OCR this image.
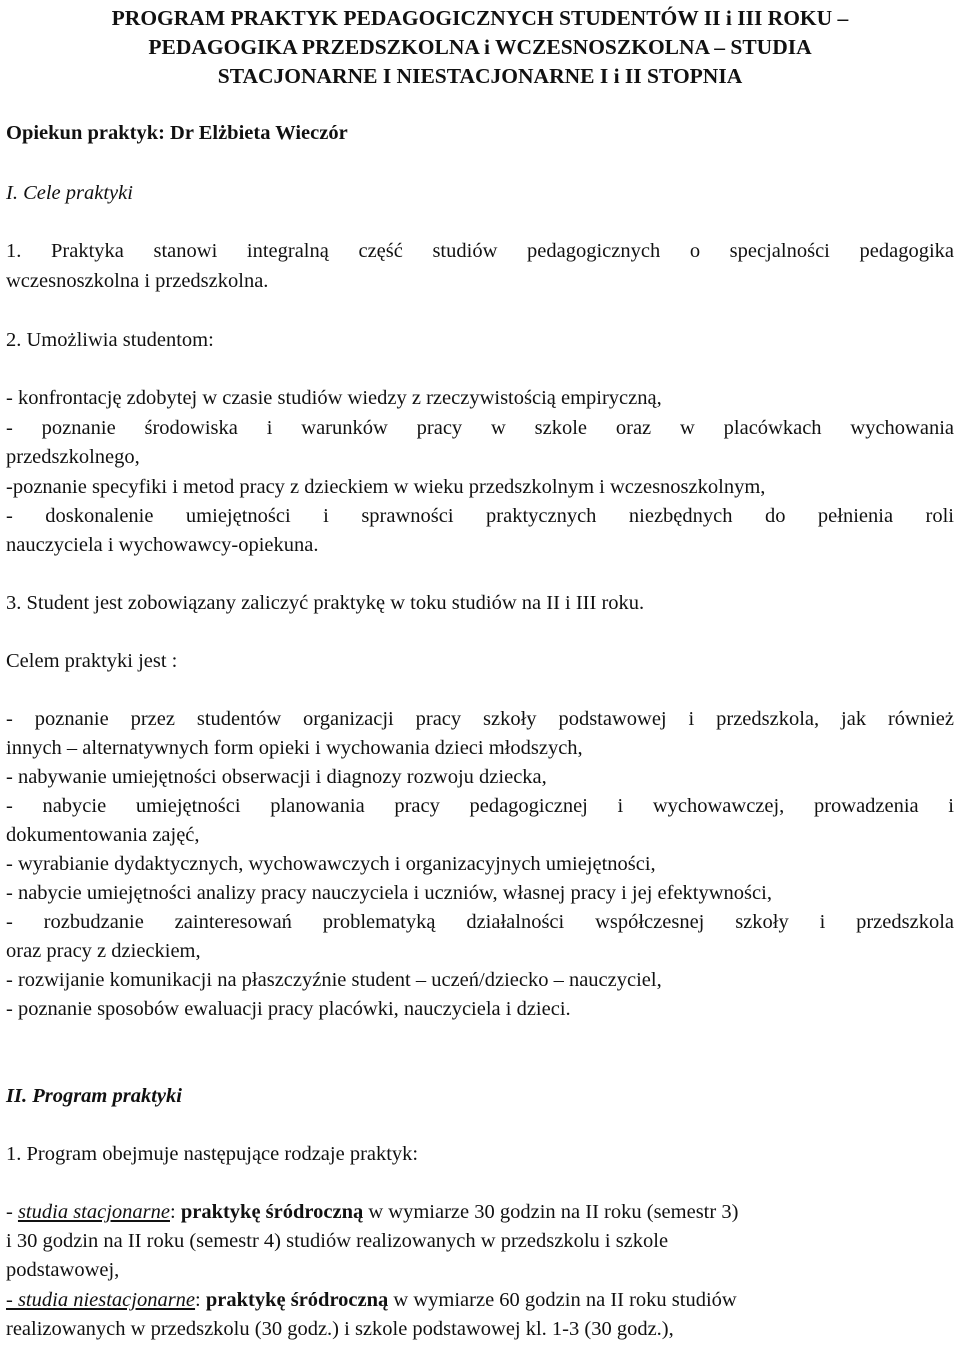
PROGRAM PRAKTYK PEDAGOGICZNYCH STUDENTÓW II i III ROKU –
PEDAGOGIKA PRZEDSZKOLNA i WCZESNOSZKOLNA – STUDIA
STACJONARNE I NIESTACJONARNE I i II STOPNIA

Opiekun praktyk: Dr Elżbieta Wieczór

I. Cele praktyki

1. Praktyka stanowi integralną część studiów pedagogicznych o specjalności pedagogika

wczesnoszkolna i przedszkolna.

2. Umożliwia studentom:

- konfrontację zdobytej w czasie studiów wiedzy z rzeczywistością empiryczną,

- poznanie środowiska i warunków pracy w szkole oraz w placówkach wychowania

przedszkolnego,

-poznanie specyfiki i metod pracy z dzieckiem w wieku przedszkolnym i wczesnoszkolnym,

- doskonalenie umiejętności i sprawności praktycznych niezbędnych do pełnienia roli

nauczyciela i wychowawcy-opiekuna.

3. Student jest zobowiązany zaliczyć praktykę w toku studiów na II i III roku.

Celem praktyki jest :

- poznanie przez studentów organizacji pracy szkoły podstawowej i przedszkola, jak również

innych – alternatywnych form opieki i wychowania dzieci młodszych,

- nabywanie umiejętności obserwacji i diagnozy rozwoju dziecka,

- nabycie umiejętności planowania pracy pedagogicznej i wychowawczej, prowadzenia i

dokumentowania zajęć,

- wyrabianie dydaktycznych, wychowawczych i organizacyjnych umiejętności,

- nabycie umiejętności analizy pracy nauczyciela i uczniów, własnej pracy i jej efektywności,

- rozbudzanie zainteresowań problematyką działalności współczesnej szkoły i przedszkola

oraz pracy z dzieckiem,

- rozwijanie komunikacji na płaszczyźnie student – uczeń/dziecko – nauczyciel,

- poznanie sposobów ewaluacji pracy placówki, nauczyciela i dzieci.

II. Program praktyki

1. Program obejmuje następujące rodzaje praktyk:

- studia stacjonarne: praktykę śródroczną w wymiarze 30 godzin na II roku (semestr 3)

i 30 godzin na II roku (semestr 4) studiów realizowanych w przedszkolu i szkole

podstawowej,

- studia niestacjonarne: praktykę śródroczną w wymiarze 60 godzin na II roku studiów

realizowanych w przedszkolu (30 godz.) i szkole podstawowej kl. 1-3 (30 godz.),
